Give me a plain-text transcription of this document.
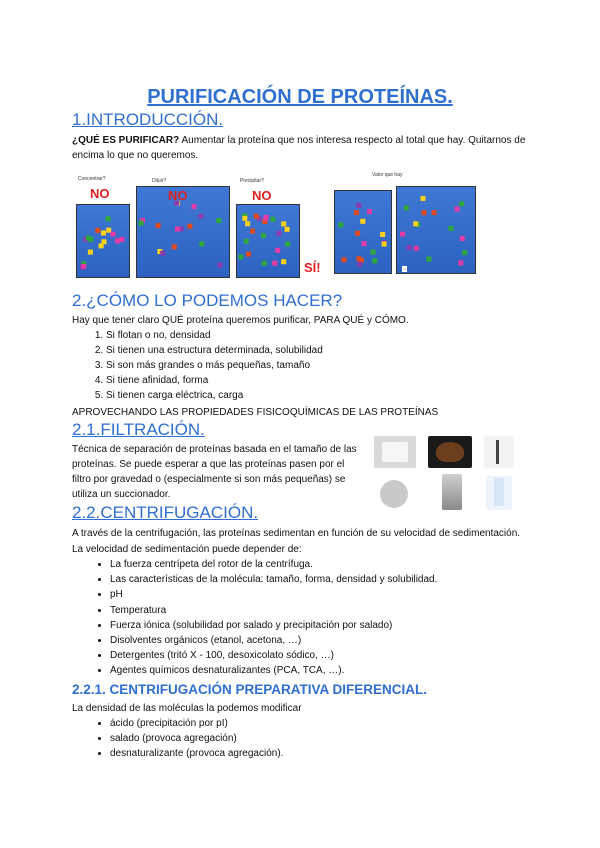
PURIFICACIÓN DE PROTEÍNAS.
1.INTRODUCCIÓN.
¿QUÉ ES PURIFICAR? Aumentar la proteína que nos interesa respecto al total que hay. Quitarnos de encima lo que no queremos.
Concentrar?	Diluir?	Precipitar?
Valor que hay
→
NO	NO	NO
SÍ!
2.¿CÓMO LO PODEMOS HACER?
Hay que tener claro QUÉ proteína queremos purificar, PARA QUÉ y CÓMO.
1. Si flotan o no, densidad
2. Si tienen una estructura determinada, solubilidad
3. Si son más grandes o más pequeñas, tamaño
4. Si tiene afinidad, forma
5. Si tienen carga eléctrica, carga
APROVECHANDO LAS PROPIEDADES FISICOQUÍMICAS DE LAS PROTEÍNAS
2.1.FILTRACIÓN.
Técnica de separación de proteínas basada en el tamaño de las proteínas. Se puede esperar a que las proteínas pasen por el filtro por gravedad o (especialmente si son más pequeñas) se utiliza un succionador.
2.2.CENTRIFUGACIÓN.
A través de la centrifugación, las proteínas sedimentan en función de su velocidad de sedimentación.
La velocidad de sedimentación puede depender de:
• La fuerza centrípeta del rotor de la centrífuga.
• Las características de la molécula: tamaño, forma, densidad y solubilidad.
• pH
• Temperatura
• Fuerza iónica (solubilidad por salado y precipitación por salado)
• Disolventes orgánicos (etanol, acetona, …)
• Detergentes (tritó X - 100, desoxicolato sódico, …)
• Agentes químicos desnaturalizantes (PCA, TCA, …).
2.2.1. CENTRIFUGACIÓN PREPARATIVA DIFERENCIAL.
La densidad de las moléculas la podemos modificar
• ácido (precipitación por pI)
• salado (provoca agregación)
• desnaturalizante (provoca agregación).
